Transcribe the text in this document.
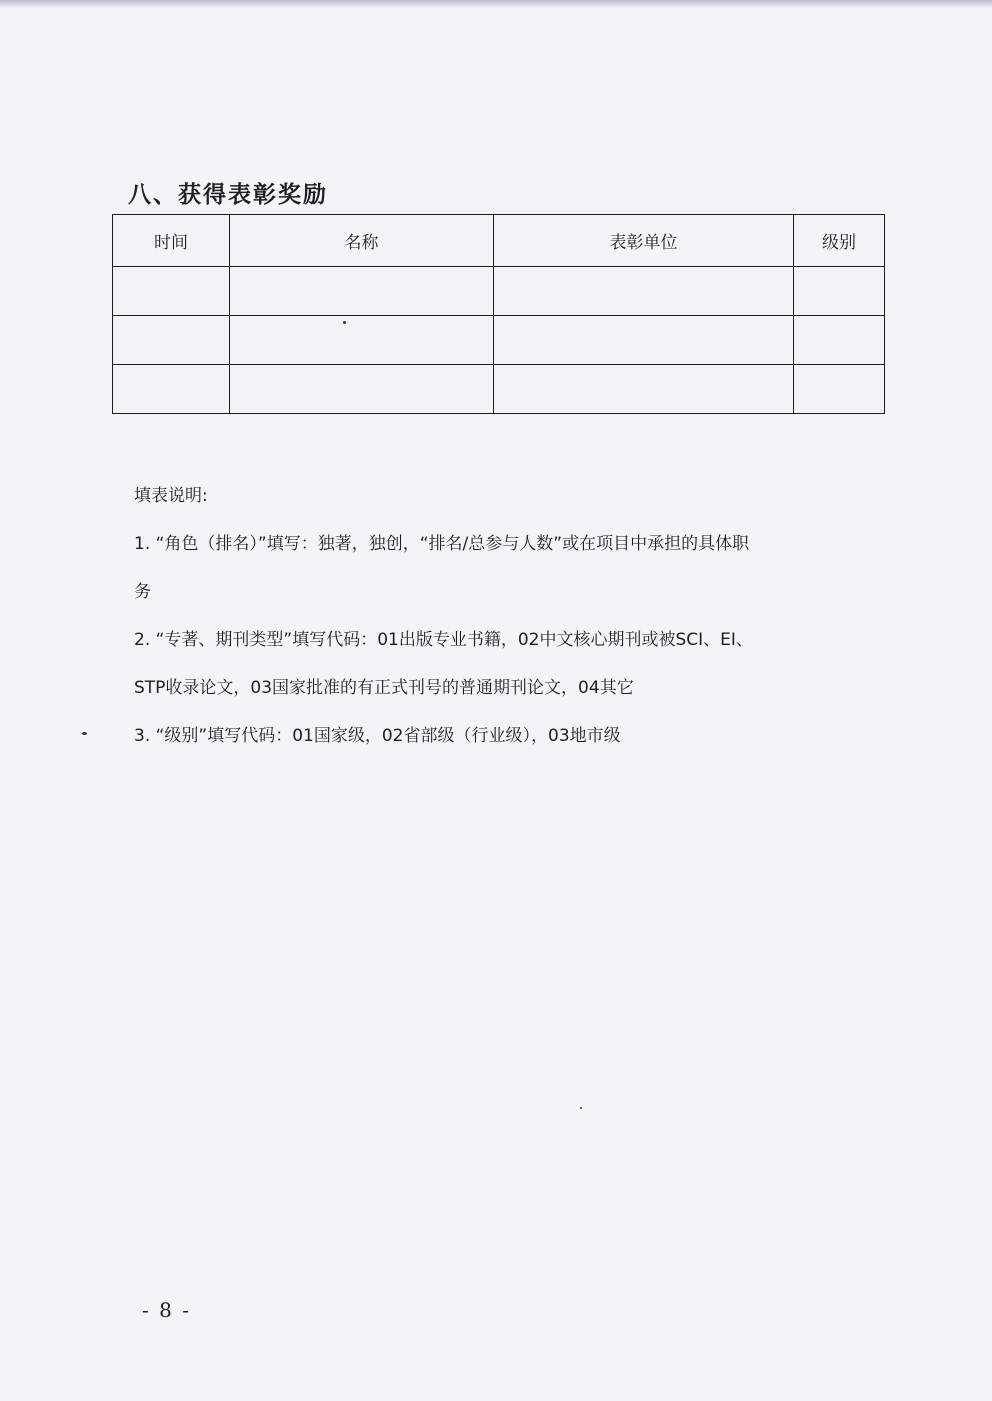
八、获得表彰奖励
时间	名称	表彰单位	级别

填表说明:

1. “角色（排名）”填写：独著，独创，“排名/总参与人数”或在项目中承担的具体职

务

2. “专著、期刊类型”填写代码：01出版专业书籍，02中文核心期刊或被SCI、EI、

STP收录论文，03国家批准的有正式刊号的普通期刊论文，04其它

3. “级别”填写代码：01国家级，02省部级（行业级），03地市级

- 8 -
